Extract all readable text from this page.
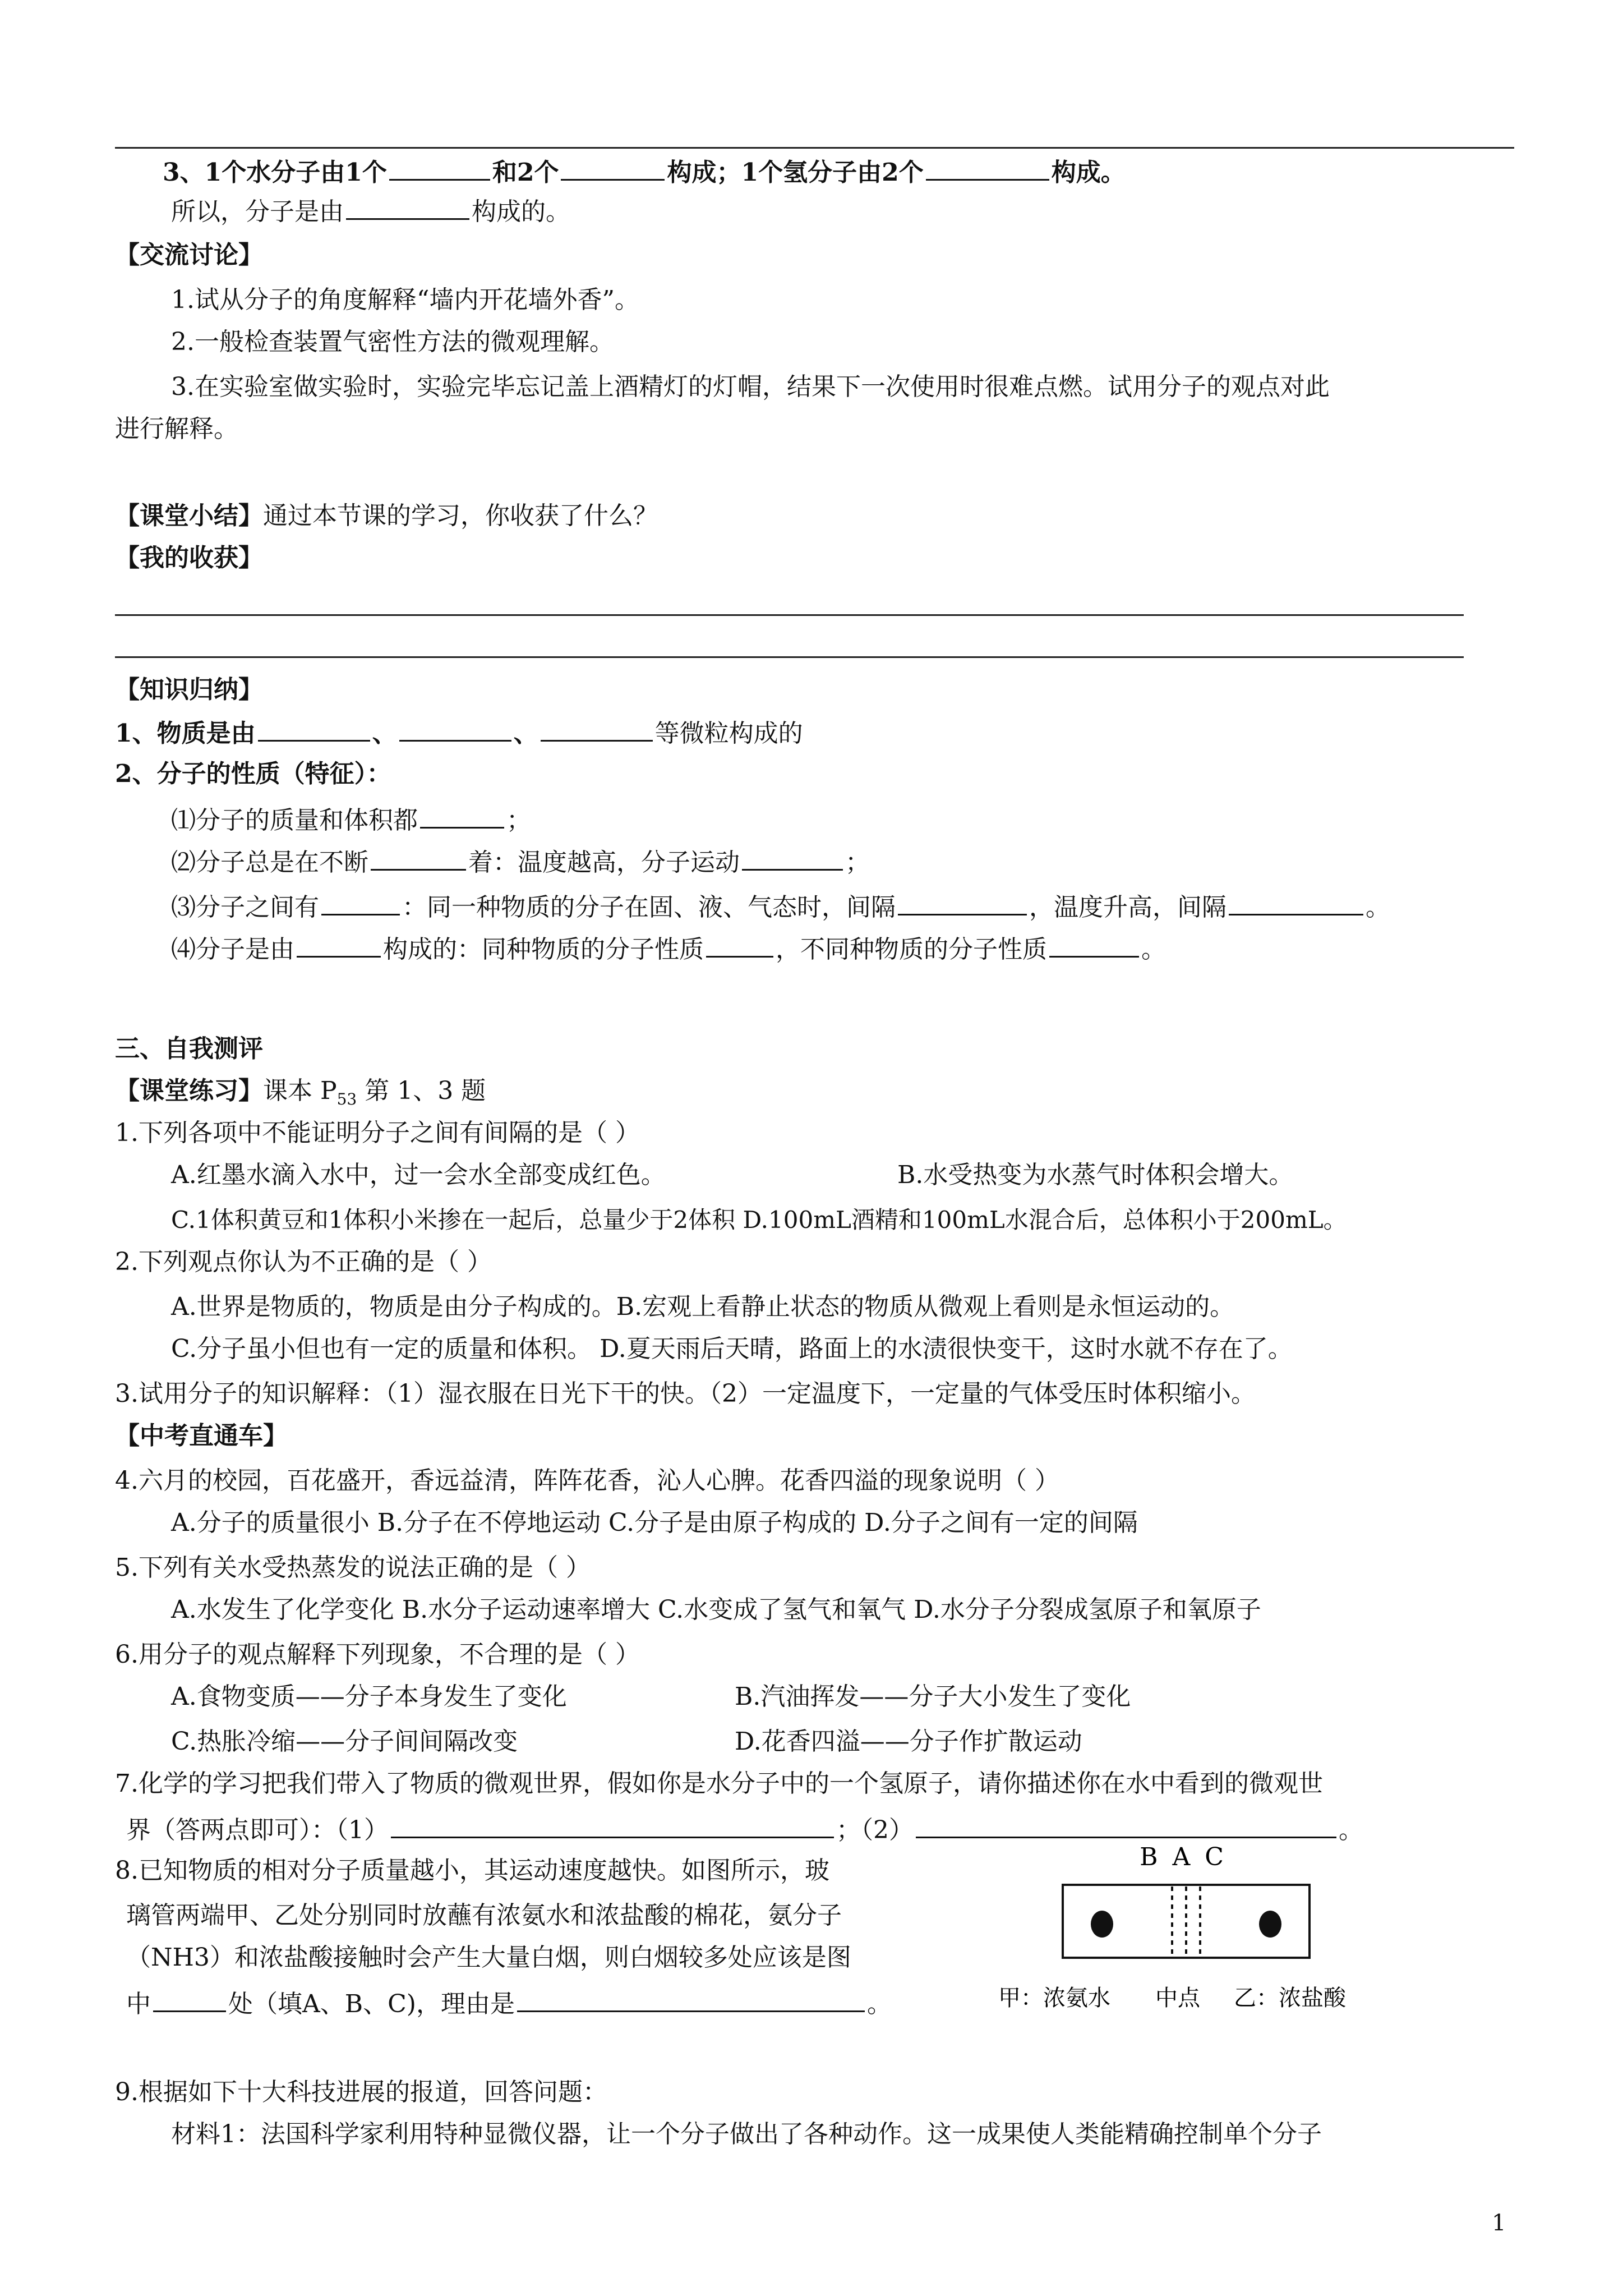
3、1个水分子由1个	和2个	构成；1个氢分子由2个	构成。
所以，分子是由	构成的。
【交流讨论】
1.试从分子的角度解释“墙内开花墙外香”。
2.一般检查装置气密性方法的微观理解。
3.在实验室做实验时，实验完毕忘记盖上酒精灯的灯帽，结果下一次使用时很难点燃。试用分子的观点对此
进行解释。
【课堂小结】通过本节课的学习，你收获了什么？
【我的收获】
【知识归纳】
1、物质是由	、	、	等微粒构成的
2、分子的性质（特征）：
⑴分子的质量和体积都	；
⑵分子总是在不断	着：温度越高，分子运动	；
⑶分子之间有	：同一种物质的分子在固、液、气态时，间隔	，温度升高，间隔	。
⑷分子是由	构成的：同种物质的分子性质	，不同种物质的分子性质	。
三、自我测评
【课堂练习】课本 $P_{53}$ 第 1、3 题
1.下列各项中不能证明分子之间有间隔的是（ ）
A.红墨水滴入水中，过一会水全部变成红色。	B.水受热变为水蒸气时体积会增大。
C.1体积黄豆和1体积小米掺在一起后，总量少于2体积 D.100mL酒精和100mL水混合后，总体积小于200mL。
2.下列观点你认为不正确的是（ ）
A.世界是物质的，物质是由分子构成的。B.宏观上看静止状态的物质从微观上看则是永恒运动的。
C.分子虽小但也有一定的质量和体积。 D.夏天雨后天晴，路面上的水渍很快变干，这时水就不存在了。
3.试用分子的知识解释：（1）湿衣服在日光下干的快。（2）一定温度下，一定量的气体受压时体积缩小。
【中考直通车】
4.六月的校园，百花盛开，香远益清，阵阵花香，沁人心脾。花香四溢的现象说明（ ）
A.分子的质量很小 B.分子在不停地运动 C.分子是由原子构成的 D.分子之间有一定的间隔
5.下列有关水受热蒸发的说法正确的是（ ）
A.水发生了化学变化 B.水分子运动速率增大 C.水变成了氢气和氧气 D.水分子分裂成氢原子和氧原子
6.用分子的观点解释下列现象，不合理的是（ ）
A.食物变质——分子本身发生了变化	B.汽油挥发——分子大小发生了变化
C.热胀冷缩——分子间间隔改变	D.花香四溢——分子作扩散运动
7.化学的学习把我们带入了物质的微观世界，假如你是水分子中的一个氢原子，请你描述你在水中看到的微观世
界（答两点即可）：（1）	；（2）	。
8.已知物质的相对分子质量越小，其运动速度越快。如图所示，玻
璃管两端甲、乙处分别同时放蘸有浓氨水和浓盐酸的棉花，氨分子
（NH3）和浓盐酸接触时会产生大量白烟，则白烟较多处应该是图
中	处（填A、B、C)，理由是	。
B A C
甲：浓氨水 中点 乙：浓盐酸
9.根据如下十大科技进展的报道，回答问题：
材料1：法国科学家利用特种显微仪器，让一个分子做出了各种动作。这一成果使人类能精确控制单个分子
1
